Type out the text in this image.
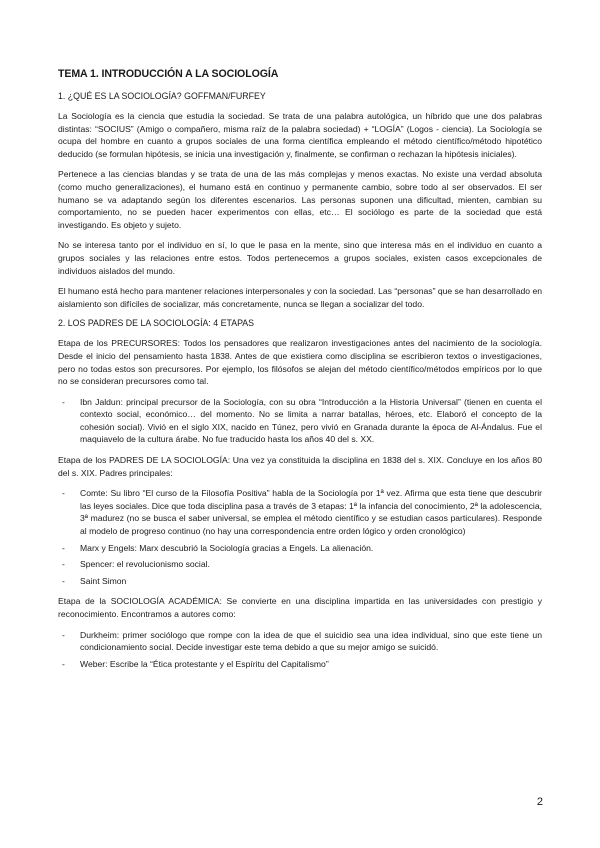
TEMA 1. INTRODUCCIÓN A LA SOCIOLOGÍA
1. ¿QUÉ ES LA SOCIOLOGÍA? GOFFMAN/FURFEY

La Sociología es la ciencia que estudia la sociedad. Se trata de una palabra autológica, un híbrido que une dos palabras distintas: “SOCIUS” (Amigo o compañero, misma raíz de la palabra sociedad) + “LOGÍA” (Logos - ciencia). La Sociología se ocupa del hombre en cuanto a grupos sociales de una forma científica empleando el método científico/método hipotético deducido (se formulan hipótesis, se inicia una investigación y, finalmente, se confirman o rechazan la hipótesis iniciales).

Pertenece a las ciencias blandas y se trata de una de las más complejas y menos exactas. No existe una verdad absoluta (como mucho generalizaciones), el humano está en continuo y permanente cambio, sobre todo al ser observados. El ser humano se va adaptando según los diferentes escenarios. Las personas suponen una dificultad, mienten, cambian su comportamiento, no se pueden hacer experimentos con ellas, etc… El sociólogo es parte de la sociedad que está investigando. Es objeto y sujeto.

No se interesa tanto por el individuo en sí, lo que le pasa en la mente, sino que interesa más en el individuo en cuanto a grupos sociales y las relaciones entre estos. Todos pertenecemos a grupos sociales, existen casos excepcionales de individuos aislados del mundo.

El humano está hecho para mantener relaciones interpersonales y con la sociedad. Las “personas” que se han desarrollado en aislamiento son difíciles de socializar, más concretamente, nunca se llegan a socializar del todo.

2. LOS PADRES DE LA SOCIOLOGÍA: 4 ETAPAS

Etapa de los PRECURSORES: Todos los pensadores que realizaron investigaciones antes del nacimiento de la sociología. Desde el inicio del pensamiento hasta 1838. Antes de que existiera como disciplina se escribieron textos o investigaciones, pero no todas estos son precursores. Por ejemplo, los filósofos se alejan del método científico/métodos empíricos por lo que no se consideran precursores como tal.

- Ibn Jaldun: principal precursor de la Sociología, con su obra “Introducción a la Historia Universal” (tienen en cuenta el contexto social, económico… del momento. No se limita a narrar batallas, héroes, etc. Elaboró el concepto de la cohesión social). Vivió en el siglo XIX, nacido en Túnez, pero vivió en Granada durante la época de Al-Ándalus. Fue el maquiavelo de la cultura árabe. No fue traducido hasta los años 40 del s. XX.

Etapa de los PADRES DE LA SOCIOLOGÍA: Una vez ya constituida la disciplina en 1838 del s. XIX. Concluye en los años 80 del s. XIX. Padres principales:

- Comte: Su libro “El curso de la Filosofía Positiva” habla de la Sociología por 1ª vez. Afirma que esta tiene que descubrir las leyes sociales. Dice que toda disciplina pasa a través de 3 etapas: 1ª la infancia del conocimiento, 2ª la adolescencia, 3ª madurez (no se busca el saber universal, se emplea el método científico y se estudian casos particulares). Responde al modelo de progreso continuo (no hay una correspondencia entre orden lógico y orden cronológico)
- Marx y Engels: Marx descubrió la Sociología gracias a Engels. La alienación.
- Spencer: el revolucionismo social.
- Saint Simon

Etapa de la SOCIOLOGÍA ACADÉMICA: Se convierte en una disciplina impartida en las universidades con prestigio y reconocimiento. Encontramos a autores como:

- Durkheim: primer sociólogo que rompe con la idea de que el suicidio sea una idea individual, sino que este tiene un condicionamiento social. Decide investigar este tema debido a que su mejor amigo se suicidó.
- Weber: Escribe la “Ética protestante y el Espíritu del Capitalismo”
2
